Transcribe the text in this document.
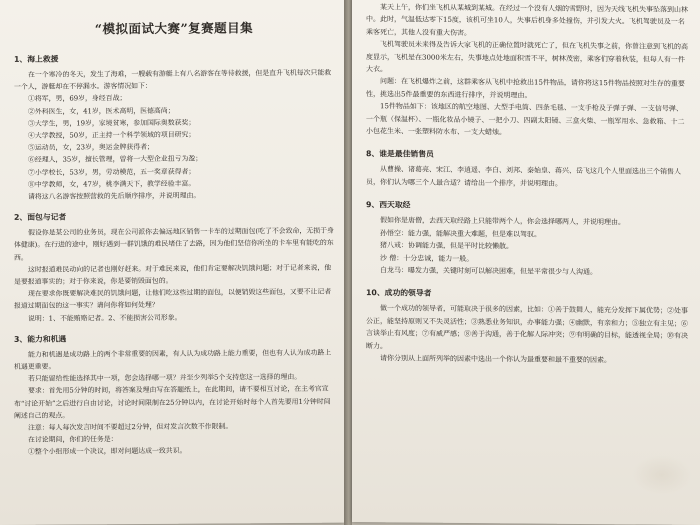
“模拟面试大赛”复赛题目集
1、海上救援

在一个寒冷的冬天，发生了海难，一艘载有游艇上有八名游客在等待救援，但是直升飞机每次只能救一个人，游艇却在不停漏水。游客情况如下：

①将军，男，69岁，身经百战；

②外科医生，女，41岁，医术高明，医德高尚；

③大学生，男，19岁，家境贫寒，参加国际奥数获奖；

④大学教授，50岁，正主持一个科学领域的项目研究；

⑤运动员，女，23岁，奥运金牌获得者；

⑥经理人，35岁，擅长管理，曾将一大型企业扭亏为盈；

⑦小学校长，53岁，男，劳动模范，五一奖章获得者；

⑧中学教师，女，47岁，桃李满天下，教学经验丰富。

请将这八名游客按照营救的先后顺序排序，并说明理由。

2、面包与记者

假设你是某公司的业务员，现在公司派你去偏远地区销售一卡车的过期面包(吃了不会致命，无损于身体健康)。在行进的途中，刚好遇到一群饥饿的难民堵住了去路，因为他们坚信你所坐的卡车里有能吃的东西。

这时报道难民动向的记者也刚好赶来。对于难民来说，他们肯定要解决饥饿问题；对于记者来说，他是要报道事实的；对于你来说，你是要销毁面包的。

现在要求你既要解决难民的饥饿问题，让他们吃这些过期的面包，以便销毁这些面包，又要不让记者报道过期面包的这一事实？请问你将如何处理？

说明：1、不能贿赂记者。2、不能损害公司形象。

3、能力和机遇

能力和机遇是成功路上的两个非常重要的因素，有人认为成功路上能力重要，但也有人认为成功路上机遇更重要。

若只能留给性能选择其中一项，您会选择哪一项？并至少列举5个支持您这一选择的理由。

要求：首先用5分钟的时间，将答案及理由写在答题纸上，在此期间，请不要相互讨论，在主考官宣布“讨论开始”之后进行自由讨论，讨论时间限制在25分钟以内，在讨论开始时每个人首先要用1分钟时间阐述自己的观点。

注意：每人每次发言时间不要超过2分钟，但对发言次数不作限制。

在讨论期间，你们的任务是：

①整个小组形成一个决议，即对问题达成一致共识。

某天上午，你们坐飞机从某城到某城。在经过一个没有人烟的雪野时，因为天线飞机失事坠落到山林中。此时，气温低达零下15度，该机可坐10人，失事后机身多处撞伤，并引发大火。飞机驾驶员及一名乘客死亡，其他人没有重大伤害。

飞机驾驶员未来得及告诉大家飞机的正确位置时就死亡了，但在飞机失事之前，你曾注意到飞机的高度显示，飞机是在3000米左右，失事地点处地面积雪不平，树林茂密，乘客们穿着秋装，但每人有一件大衣。

问题：在飞机爆炸之前，这群乘客从飞机中抢救出15件物品，请你将这15件物品按照对生存的重要性，挑选出5件最重要的东西进行排序，并说明理由。

15件物品如下：该地区的航空地图、大型手电筒、四条毛毯、一支手枪及子弹子弹、一支信号弹、一个瓶（保温杯）、一瓶化妆品小镜子、一把小刀、四副太阳镜、三盒火柴、一瓶军用水、急救箱、十二小包花生米、一张塑料防水布、一支大蜡烛。

8、谁是最佳销售员

从曹操、诸葛亮、宋江、李逍遥、李白、刘邦、秦始皇、蒋兴、岳飞这几个人里面选出三个销售人员，你们认为哪三个人最合适？请给出一个排序，并说明理由。

9、西天取经

假如你是唐僧，去西天取经路上只能带两个人，你会选择哪两人，并说明理由。

孙悟空：能力强，能解决重大难题，但是难以驾驭。

猪八戒：协调能力强，但是平时比较懒散。

沙 僧：十分忠诚，能力一般。

白龙马：曝发力强，关键时刻可以解决困难，但是平常很少与人沟通。

10、成功的领导者

做一个成功的领导者，可能取决于很多的因素，比如：①善于鼓舞人，能充分发挥下属优势；②处事公正，能坚持原则又不失灵活性；③熟悉业务知识，办事能力强；④幽默，有亲和力；⑤独立有主见；⑥言谈举止有风度；⑦有威严感；⑧善于沟通，善于化解人际冲突；⑨有明确的目标，能透视全局；⑩有决断力。

请你分别从上面所列举的因素中选出一个你认为最重要和最不重要的因素。
